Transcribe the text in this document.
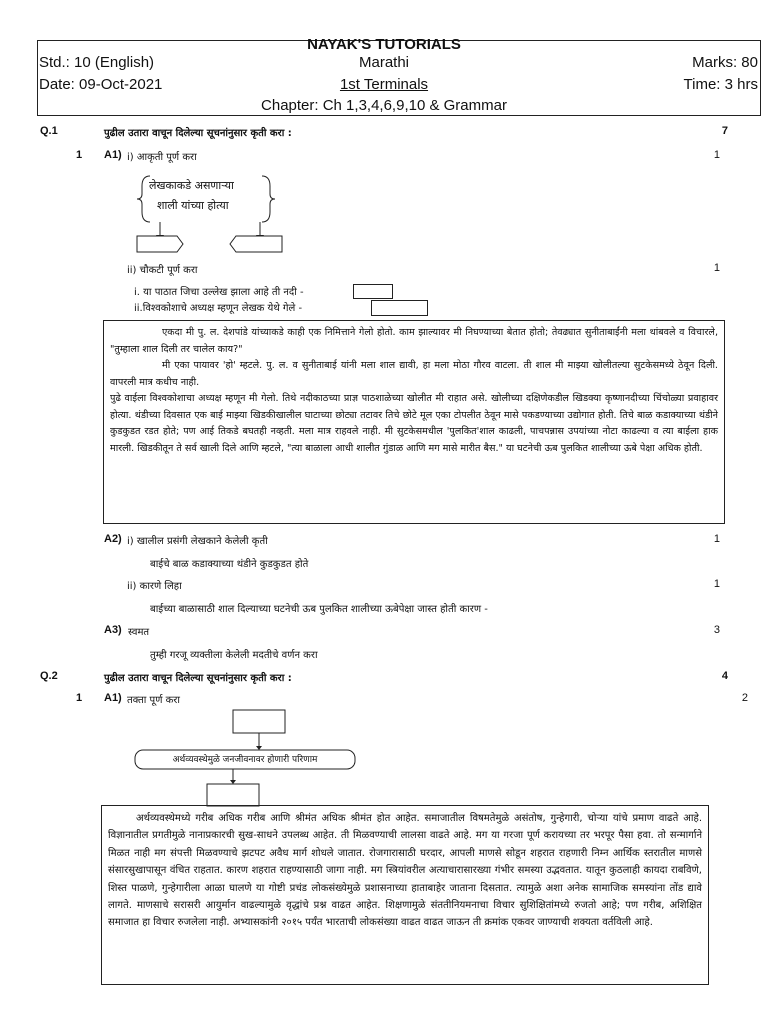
NAYAK'S TUTORIALS
Std.: 10 (English)	Marathi	Marks: 80
Date: 09-Oct-2021	1st Terminals	Time: 3 hrs
Chapter: Ch 1,3,4,6,9,10 & Grammar
Q.1	पुढील उतारा वाचून दिलेल्या सूचनांनुसार कृती करा :	7
1 A1) i) आकृती पूर्ण करा	1
लेखकाकडे असणाऱ्या
शाली यांच्या होत्या
ii) चौकटी पूर्ण करा	1
i. या पाठात जिचा उल्लेख झाला आहे ती नदी -
ii.विश्वकोशाचे अध्यक्ष म्हणून लेखक येथे गेले -

एकदा मी पु. ल. देशपांडे यांच्याकडे काही एक निमित्ताने गेलो होतो. काम झाल्यावर मी निघण्याच्या बेतात होतो; तेवढ्यात सुनीताबाईंनी मला थांबवले व विचारले, "तुम्हाला शाल दिली तर चालेल काय?"

मी एका पायावर 'हो' म्हटले. पु. ल. व सुनीताबाई यांनी मला शाल द्यावी, हा मला मोठा गौरव वाटला. ती शाल मी माझ्या खोलीतल्या सुटकेसमध्ये ठेवून दिली. वापरली मात्र कधीच नाही.

पुढे वाईला विश्वकोशाचा अध्यक्ष म्हणून मी गेलो. तिथे नदीकाठच्या प्राज्ञ पाठशाळेच्या खोलीत मी राहात असे. खोलीच्या दक्षिणेकडील खिडक्या कृष्णानदीच्या चिंचोळ्या प्रवाहावर होत्या. थंडीच्या दिवसात एक बाई माझ्या खिडकीखालील घाटाच्या छोट्या तटावर तिचे छोटे मूल एका टोपलीत ठेवून मासे पकडण्याच्या उद्योगात होती. तिचे बाळ कडाक्याच्या थंडीने कुडकुडत रडत होते; पण आई तिकडे बघतही नव्हती. मला मात्र राहवले नाही. मी सुटकेसमधील 'पुलकित'शाल काढली, पाचपन्नास उपयांच्या नोटा काढल्या व त्या बाईला हाक मारली. खिडकीतून ते सर्व खाली दिले आणि म्हटले, "त्या बाळाला आधी शालीत गुंडाळ आणि मग मासे मारीत बैस." या घटनेची ऊब पुलकित शालीच्या ऊबे पेक्षा अधिक होती.

A2) i) खालील प्रसंगी लेखकाने केलेली कृती	1
बाईचे बाळ कडाक्याच्या थंडीने कुडकुडत होते
ii) कारणे लिहा	1
बाईच्या बाळासाठी शाल दिल्याच्या घटनेची ऊब पुलकित शालीच्या ऊबेपेक्षा जास्त होती कारण -
A3) स्वमत	3
तुम्ही गरजू व्यक्तीला केलेली मदतीचे वर्णन करा
Q.2	पुढील उतारा वाचून दिलेल्या सूचनांनुसार कृती करा :	4
1 A1) तक्ता पूर्ण करा	2
अर्थव्यवस्थेमुळे जनजीवनावर होणारी परिणाम

अर्थव्यवस्थेमध्ये गरीब अधिक गरीब आणि श्रीमंत अधिक श्रीमंत होत आहेत. समाजातील विषमतेमुळे असंतोष, गुन्हेगारी, चोऱ्या यांचे प्रमाण वाढते आहे. विज्ञानातील प्रगतीमुळे नानाप्रकारची सुख-साधने उपलब्ध आहेत. ती मिळवण्याची लालसा वाढते आहे. मग या गरजा पूर्ण करायच्या तर भरपूर पैसा हवा. तो सन्मार्गाने मिळत नाही मग संपत्ती मिळवण्याचे झटपट अवैध मार्ग शोधले जातात. रोजगारासाठी घरदार, आपली माणसे सोडून शहरात राहणारी निम्न आर्थिक स्तरातील माणसे संसारसुखापासून वंचित राहतात. कारण शहरात राहण्यासाठी जागा नाही. मग स्त्रियांवरील अत्याचारासारख्या गंभीर समस्या उद्भवतात. यातून कुठलाही कायदा राबविणे, शिस्त पाळणे, गुन्हेगारीला आळा घालणे या गोष्टी प्रचंड लोकसंख्येमुळे प्रशासनाच्या हाताबाहेर जाताना दिसतात. त्यामुळे अशा अनेक सामाजिक समस्यांना तोंड द्यावे लागते. माणसाचे सरासरी आयुर्मान वाढल्यामुळे वृद्धांचे प्रश्न वाढत आहेत. शिक्षणामुळे संततीनियमनाचा विचार सुशिक्षितांमध्ये रुजतो आहे; पण गरीब, अशिक्षित समाजात हा विचार रुजलेला नाही. अभ्यासकांनी २०१५ पर्यंत भारताची लोकसंख्या वाढत वाढत जाऊन ती क्रमांक एकवर जाण्याची शक्यता वर्तविली आहे.
